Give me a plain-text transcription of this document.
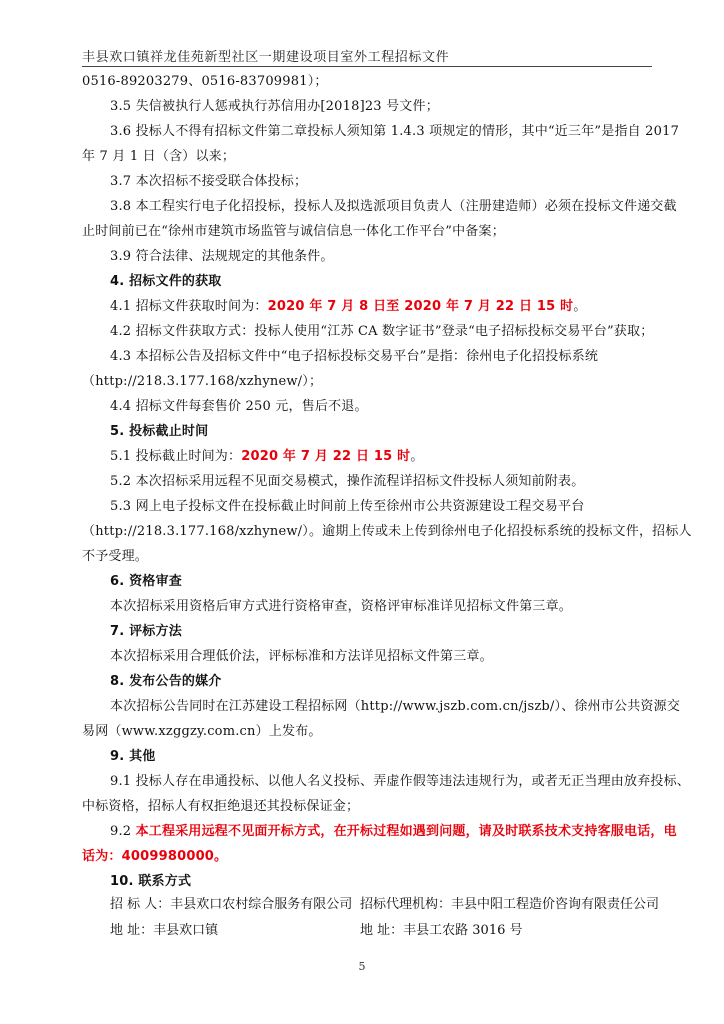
丰县欢口镇祥龙佳苑新型社区一期建设项目室外工程招标文件
0516-89203279、0516-83709981）；
3.5 失信被执行人惩戒执行苏信用办[2018]23 号文件；
3.6 投标人不得有招标文件第二章投标人须知第 1.4.3 项规定的情形，其中“近三年”是指自 2017
年 7 月 1 日（含）以来；
3.7 本次招标不接受联合体投标；
3.8 本工程实行电子化招投标，投标人及拟选派项目负责人（注册建造师）必须在投标文件递交截
止时间前已在“徐州市建筑市场监管与诚信信息一体化工作平台”中备案；
3.9 符合法律、法规规定的其他条件。
4. 招标文件的获取
4.1 招标文件获取时间为：2020 年 7 月 8 日至 2020 年 7 月 22 日 15 时。
4.2 招标文件获取方式：投标人使用“江苏 CA 数字证书”登录“电子招标投标交易平台”获取；
4.3 本招标公告及招标文件中“电子招标投标交易平台”是指：徐州电子化招投标系统
（http://218.3.177.168/xzhynew/）；
4.4 招标文件每套售价 250 元，售后不退。
5. 投标截止时间
5.1 投标截止时间为：2020 年 7 月 22 日 15 时。
5.2 本次招标采用远程不见面交易模式，操作流程详招标文件投标人须知前附表。
5.3 网上电子投标文件在投标截止时间前上传至徐州市公共资源建设工程交易平台
（http://218.3.177.168/xzhynew/）。逾期上传或未上传到徐州电子化招投标系统的投标文件，招标人
不予受理。
6. 资格审查
本次招标采用资格后审方式进行资格审查，资格评审标准详见招标文件第三章。
7. 评标方法
本次招标采用合理低价法，评标标准和方法详见招标文件第三章。
8. 发布公告的媒介
本次招标公告同时在江苏建设工程招标网（http://www.jszb.com.cn/jszb/）、徐州市公共资源交
易网（www.xzggzy.com.cn）上发布。
9. 其他
9.1 投标人存在串通投标、以他人名义投标、弄虚作假等违法违规行为，或者无正当理由放弃投标、
中标资格，招标人有权拒绝退还其投标保证金；
9.2 本工程采用远程不见面开标方式，在开标过程如遇到问题，请及时联系技术支持客服电话，电
话为：4009980000。
10. 联系方式
招 标 人：丰县欢口农村综合服务有限公司 招标代理机构：丰县中阳工程造价咨询有限责任公司
地 址：丰县欢口镇	地 址：丰县工农路 3016 号
5
